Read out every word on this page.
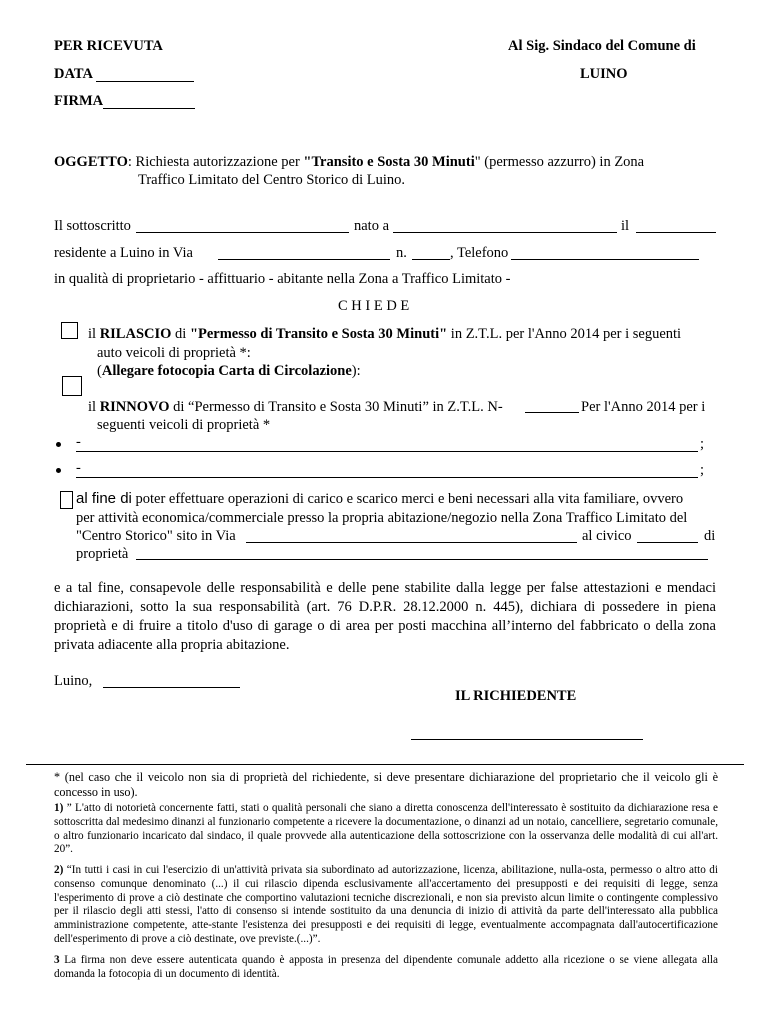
PER RICEVUTA
DATA
FIRMA
Al Sig. Sindaco del Comune di
LUINO
OGGETTO: Richiesta autorizzazione per "Transito e Sosta 30 Minuti" (permesso azzurro) in Zona
Traffico Limitato del Centro Storico di Luino.
Il sottoscritto	nato a	il
residente a Luino in Via	n.	, Telefono
in qualità di proprietario - affittuario - abitante nella Zona a Traffico Limitato -
C H I E D E
il RILASCIO di "Permesso di Transito e Sosta 30 Minuti" in Z.T.L. per l'Anno 2014 per i seguenti
auto veicoli di proprietà *:
(Allegare fotocopia Carta di Circolazione):
il RINNOVO di “Permesso di Transito e Sosta 30 Minuti” in Z.T.L. N-	Per l'Anno 2014 per i
seguenti veicoli di proprietà *
-	;
-	;
al fine di poter effettuare operazioni di carico e scarico merci e beni necessari alla vita familiare, ovvero
per attività economica/commerciale presso la propria abitazione/negozio nella Zona Traffico Limitato del
"Centro Storico" sito in Via	al civico	di
proprietà
e a tal fine, consapevole delle responsabilità e delle pene stabilite dalla legge per false attestazioni e mendaci dichiarazioni, sotto la sua responsabilità (art. 76 D.P.R. 28.12.2000 n. 445), dichiara di possedere in piena proprietà e di fruire a titolo d'uso di garage o di area per posti macchina all’interno del fabbricato o della zona privata adiacente alla propria abitazione.
Luino,
IL RICHIEDENTE
* (nel caso che il veicolo non sia di proprietà del richiedente, si deve presentare dichiarazione del proprietario che il veicolo gli è concesso in uso).
1) ” L'atto di notorietà concernente fatti, stati o qualità personali che siano a diretta conoscenza dell'interessato è sostituito da dichiarazione resa e sottoscritta dal medesimo dinanzi al funzionario competente a ricevere la documentazione, o dinanzi ad un notaio, cancelliere, segretario comunale, o altro funzionario incaricato dal sindaco, il quale provvede alla autenticazione della sottoscrizione con la osservanza delle modalità di cui all'art. 20”.
2) “In tutti i casi in cui l'esercizio di un'attività privata sia subordinato ad autorizzazione, licenza, abilitazione, nulla-osta, permesso o altro atto di consenso comunque denominato (...) il cui rilascio dipenda esclusivamente all'accertamento dei presupposti e dei requisiti di legge, senza l'esperimento di prove a ciò destinate che comportino valutazioni tecniche discrezionali, e non sia previsto alcun limite o contingente complessivo per il rilascio degli atti stessi, l'atto di consenso si intende sostituito da una denuncia di inizio di attività da parte dell'interessato alla pubblica amministrazione competente, atte-stante l'esistenza dei presupposti e dei requisiti di legge, eventualmente accompagnata dall'autocertificazione dell'esperimento di prove a ciò destinate, ove previste.(...)”.
3 La firma non deve essere autenticata quando è apposta in presenza del dipendente comunale addetto alla ricezione o se viene allegata alla domanda la fotocopia di un documento di identità.
